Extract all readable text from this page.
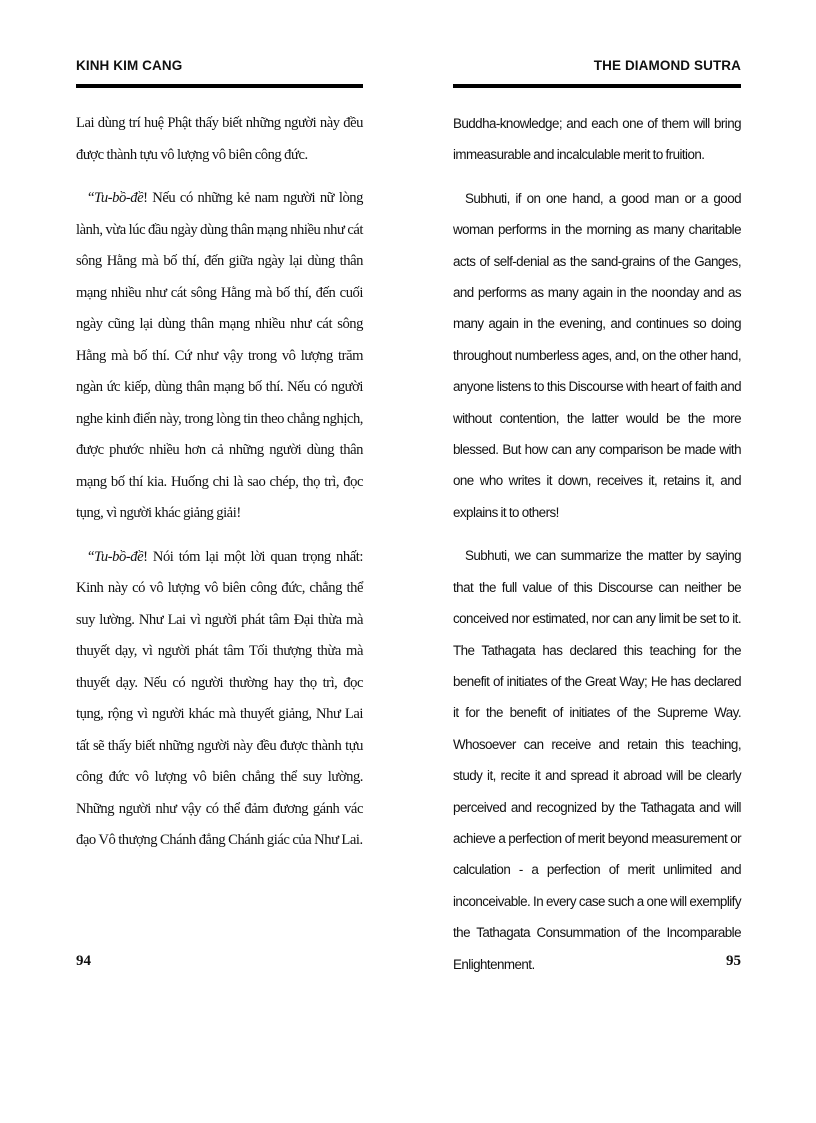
KINH KIM CANG

Lai dùng trí huệ Phật thấy biết những người này đều được thành tựu vô lượng vô biên công đức.

“Tu-bồ-đề! Nếu có những kẻ nam người nữ lòng lành, vừa lúc đầu ngày dùng thân mạng nhiều như cát sông Hằng mà bố thí, đến giữa ngày lại dùng thân mạng nhiều như cát sông Hằng mà bố thí, đến cuối ngày cũng lại dùng thân mạng nhiều như cát sông Hằng mà bố thí. Cứ như vậy trong vô lượng trăm ngàn ức kiếp, dùng thân mạng bố thí. Nếu có người nghe kinh điển này, trong lòng tin theo chẳng nghịch, được phước nhiều hơn cả những người dùng thân mạng bố thí kia. Huống chi là sao chép, thọ trì, đọc tụng, vì người khác giảng giải!

“Tu-bồ-đề! Nói tóm lại một lời quan trọng nhất: Kinh này có vô lượng vô biên công đức, chẳng thể suy lường. Như Lai vì người phát tâm Đại thừa mà thuyết dạy, vì người phát tâm Tối thượng thừa mà thuyết dạy. Nếu có người thường hay thọ trì, đọc tụng, rộng vì người khác mà thuyết giảng, Như Lai tất sẽ thấy biết những người này đều được thành tựu công đức vô lượng vô biên chẳng thể suy lường. Những người như vậy có thể đảm đương gánh vác đạo Vô thượng Chánh đẳng Chánh giác của Như Lai.

94
THE DIAMOND SUTRA

Buddha-knowledge; and each one of them will bring immeasurable and incalculable merit to fruition.

Subhuti, if on one hand, a good man or a good woman performs in the morning as many charitable acts of self-denial as the sand-grains of the Ganges, and performs as many again in the noonday and as many again in the evening, and continues so doing throughout numberless ages, and, on the other hand, anyone listens to this Discourse with heart of faith and without contention, the latter would be the more blessed. But how can any comparison be made with one who writes it down, receives it, retains it, and explains it to others!

Subhuti, we can summarize the matter by saying that the full value of this Discourse can neither be conceived nor estimated, nor can any limit be set to it. The Tathagata has declared this teaching for the benefit of initiates of the Great Way; He has declared it for the benefit of initiates of the Supreme Way. Whosoever can receive and retain this teaching, study it, recite it and spread it abroad will be clearly perceived and recognized by the Tathagata and will achieve a perfection of merit beyond measurement or calculation - a perfection of merit unlimited and inconceivable. In every case such a one will exemplify the Tathagata Consummation of the Incomparable Enlightenment.	95
